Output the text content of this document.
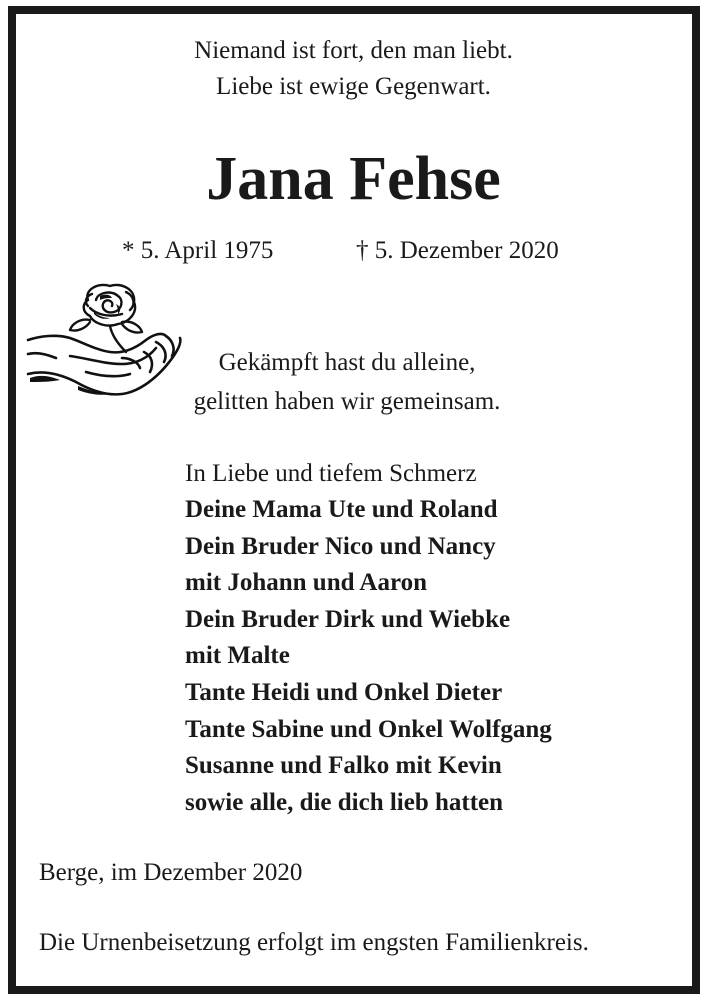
Niemand ist fort, den man liebt.
Liebe ist ewige Gegenwart.
Jana Fehse
* 5. April 1975	† 5. Dezember 2020
Gekämpft hast du alleine,
gelitten haben wir gemeinsam.
In Liebe und tiefem Schmerz
Deine Mama Ute und Roland
Dein Bruder Nico und Nancy
mit Johann und Aaron
Dein Bruder Dirk und Wiebke
mit Malte
Tante Heidi und Onkel Dieter
Tante Sabine und Onkel Wolfgang
Susanne und Falko mit Kevin
sowie alle, die dich lieb hatten
Berge, im Dezember 2020
Die Urnenbeisetzung erfolgt im engsten Familienkreis.
